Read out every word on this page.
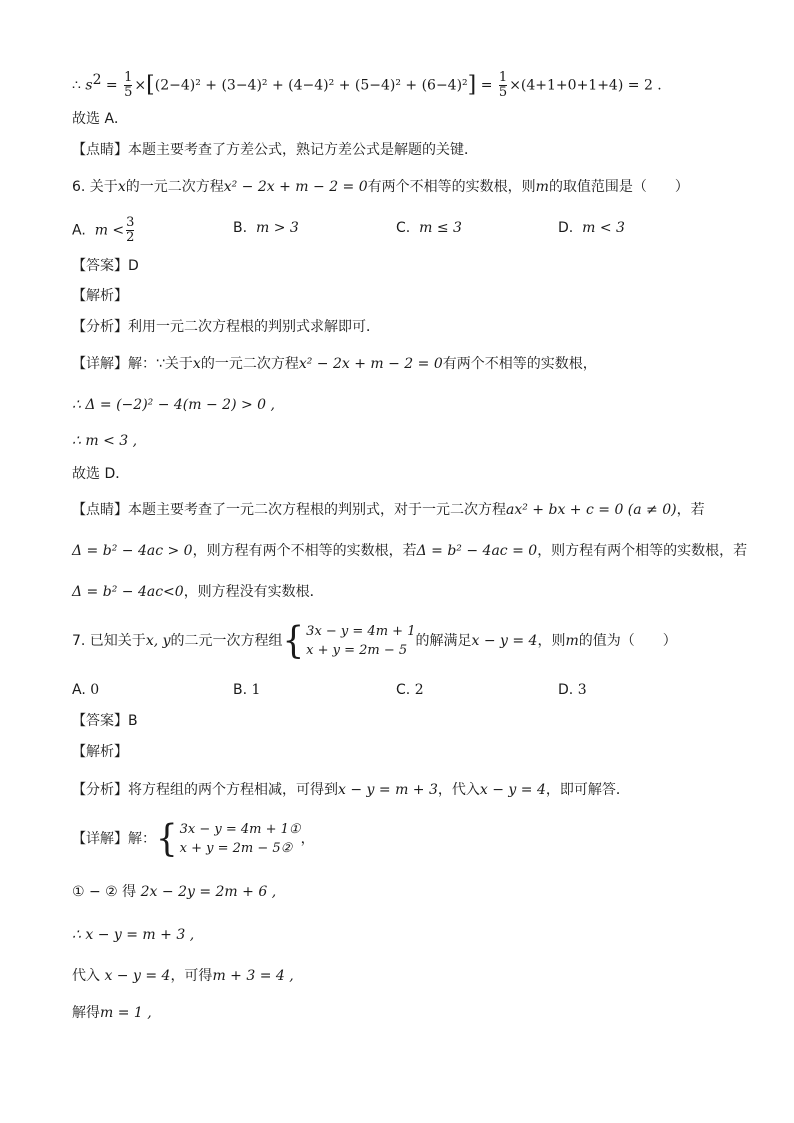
∴ $s^2 = \frac{1}{5} \times[(2-4)^2 + (3-4)^2 + (4-4)^2 + (5-4)^2 + (6-4)^2] = \frac{1}{5} \times(4+1+0+1+4) = 2$ .
故选 A．
【点睛】本题主要考查了方差公式，熟记方差公式是解题的关键．
6. 关于x的一元二次方程x² − 2x + m − 2 = 0有两个不相等的实数根，则m的取值范围是（　　）
A. $m < \frac{3}{2}$	B. m > 3	C. m ≤ 3	D. m < 3
【答案】D
【解析】
【分析】利用一元二次方程根的判别式求解即可．
【详解】解：∵关于x的一元二次方程x² − 2x + m − 2 = 0有两个不相等的实数根，
∴ Δ = (−2)² − 4(m − 2) > 0 ,
∴ m < 3 ,
故选 D．
【点睛】本题主要考查了一元二次方程根的判别式，对于一元二次方程ax² + bx + c = 0 (a ≠ 0)，若
Δ = b² − 4ac > 0，则方程有两个不相等的实数根，若Δ = b² − 4ac = 0，则方程有两个相等的实数根，若
Δ = b² − 4ac<0，则方程没有实数根．
7. 已知关于x, y的二元一次方程组 { 3x − y = 4m + 1
x + y = 2m − 5
的解满足x − y = 4，则m的值为（　　）
A. 0	B. 1	C. 2	D. 3
【答案】B
【解析】
【分析】将方程组的两个方程相减，可得到x − y = m + 3，代入x − y = 4，即可解答．
【详解】解： { 3x − y = 4m + 1①
x + y = 2m − 5②
，
① − ② 得 2x − 2y = 2m + 6 ,
∴ x − y = m + 3 ,
代入 x − y = 4，可得m + 3 = 4 ,
解得m = 1 ,
